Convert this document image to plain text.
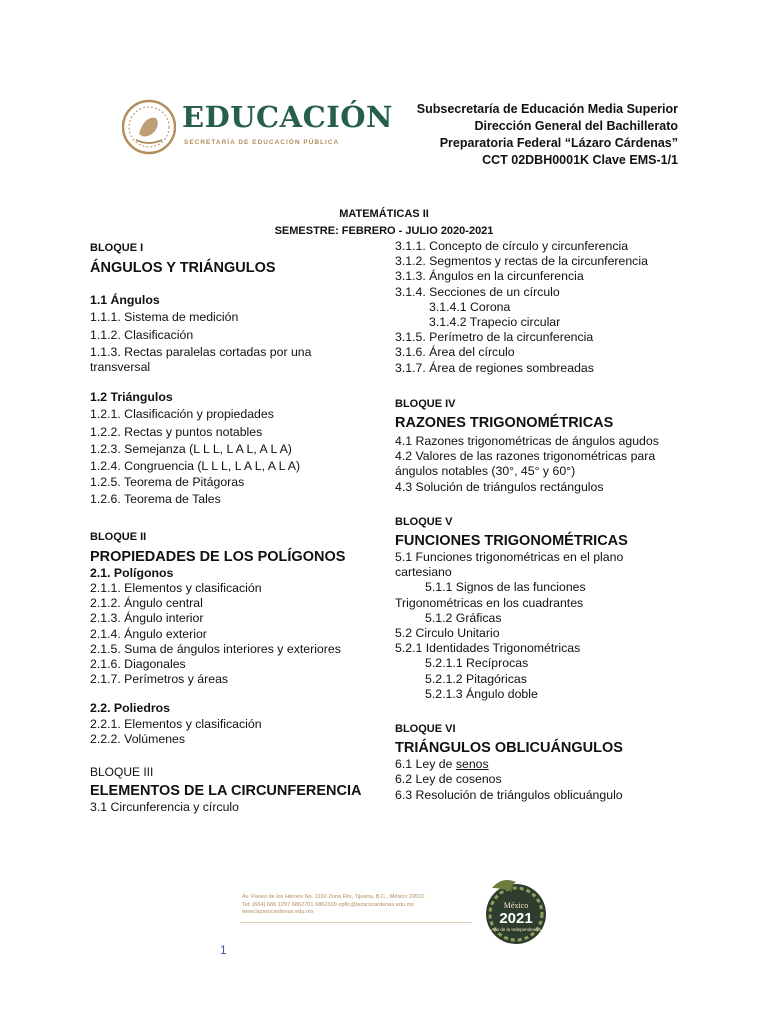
EDUCACIÓN
SECRETARÍA DE EDUCACIÓN PÚBLICA
Subsecretaría de Educación Media Superior
Dirección General del Bachillerato
Preparatoria Federal “Lázaro Cárdenas”
CCT 02DBH0001K Clave EMS-1/1
MATEMÁTICAS II
SEMESTRE: FEBRERO - JULIO 2020-2021
BLOQUE I
ÁNGULOS Y TRIÁNGULOS
1.1 Ángulos
1.1.1. Sistema de medición
1.1.2. Clasificación
1.1.3. Rectas paralelas cortadas por una
transversal
1.2 Triángulos
1.2.1. Clasificación y propiedades
1.2.2. Rectas y puntos notables
1.2.3. Semejanza (L L L, L A L, A L A)
1.2.4. Congruencia (L L L, L A L, A L A)
1.2.5. Teorema de Pitágoras
1.2.6. Teorema de Tales
BLOQUE II
PROPIEDADES DE LOS POLÍGONOS
2.1. Polígonos
2.1.1. Elementos y clasificación
2.1.2. Ángulo central
2.1.3. Ángulo interior
2.1.4. Ángulo exterior
2.1.5. Suma de ángulos interiores y exteriores
2.1.6. Diagonales
2.1.7. Perímetros y áreas
2.2. Poliedros
2.2.1. Elementos y clasificación
2.2.2. Volúmenes
BLOQUE III
ELEMENTOS DE LA CIRCUNFERENCIA
3.1 Circunferencia y círculo
3.1.1. Concepto de círculo y circunferencia
3.1.2. Segmentos y rectas de la circunferencia
3.1.3. Ángulos en la circunferencia
3.1.4. Secciones de un círculo
3.1.4.1 Corona
3.1.4.2 Trapecio circular
3.1.5. Perímetro de la circunferencia
3.1.6. Área del círculo
3.1.7. Área de regiones sombreadas
BLOQUE IV
RAZONES TRIGONOMÉTRICAS
4.1 Razones trigonométricas de ángulos agudos
4.2 Valores de las razones trigonométricas para
ángulos notables (30°, 45° y 60°)
4.3 Solución de triángulos rectángulos
BLOQUE V
FUNCIONES TRIGONOMÉTRICAS
5.1 Funciones trigonométricas en el plano
cartesiano
5.1.1 Signos de las funciones
Trigonométricas en los cuadrantes
5.1.2 Gráficas
5.2 Circulo Unitario
5.2.1 Identidades Trigonométricas
5.2.1.1 Recíprocas
5.2.1.2 Pitagóricas
5.2.1.3 Ángulo doble
BLOQUE VI
TRIÁNGULOS OBLICUÁNGULOS
6.1 Ley de senos
6.2 Ley de cosenos
6.3 Resolución de triángulos oblicuángulo
Av. Paseo de los Héroes No. 1160 Zona Río, Tijuana, B.C., México 22010
Tel: (664) 686 1297 6862701 6862309 epflc@lazarocardenas.edu.mx
www.lazarocardenas.edu.mx
México
2021
Año de la Independencia
1
